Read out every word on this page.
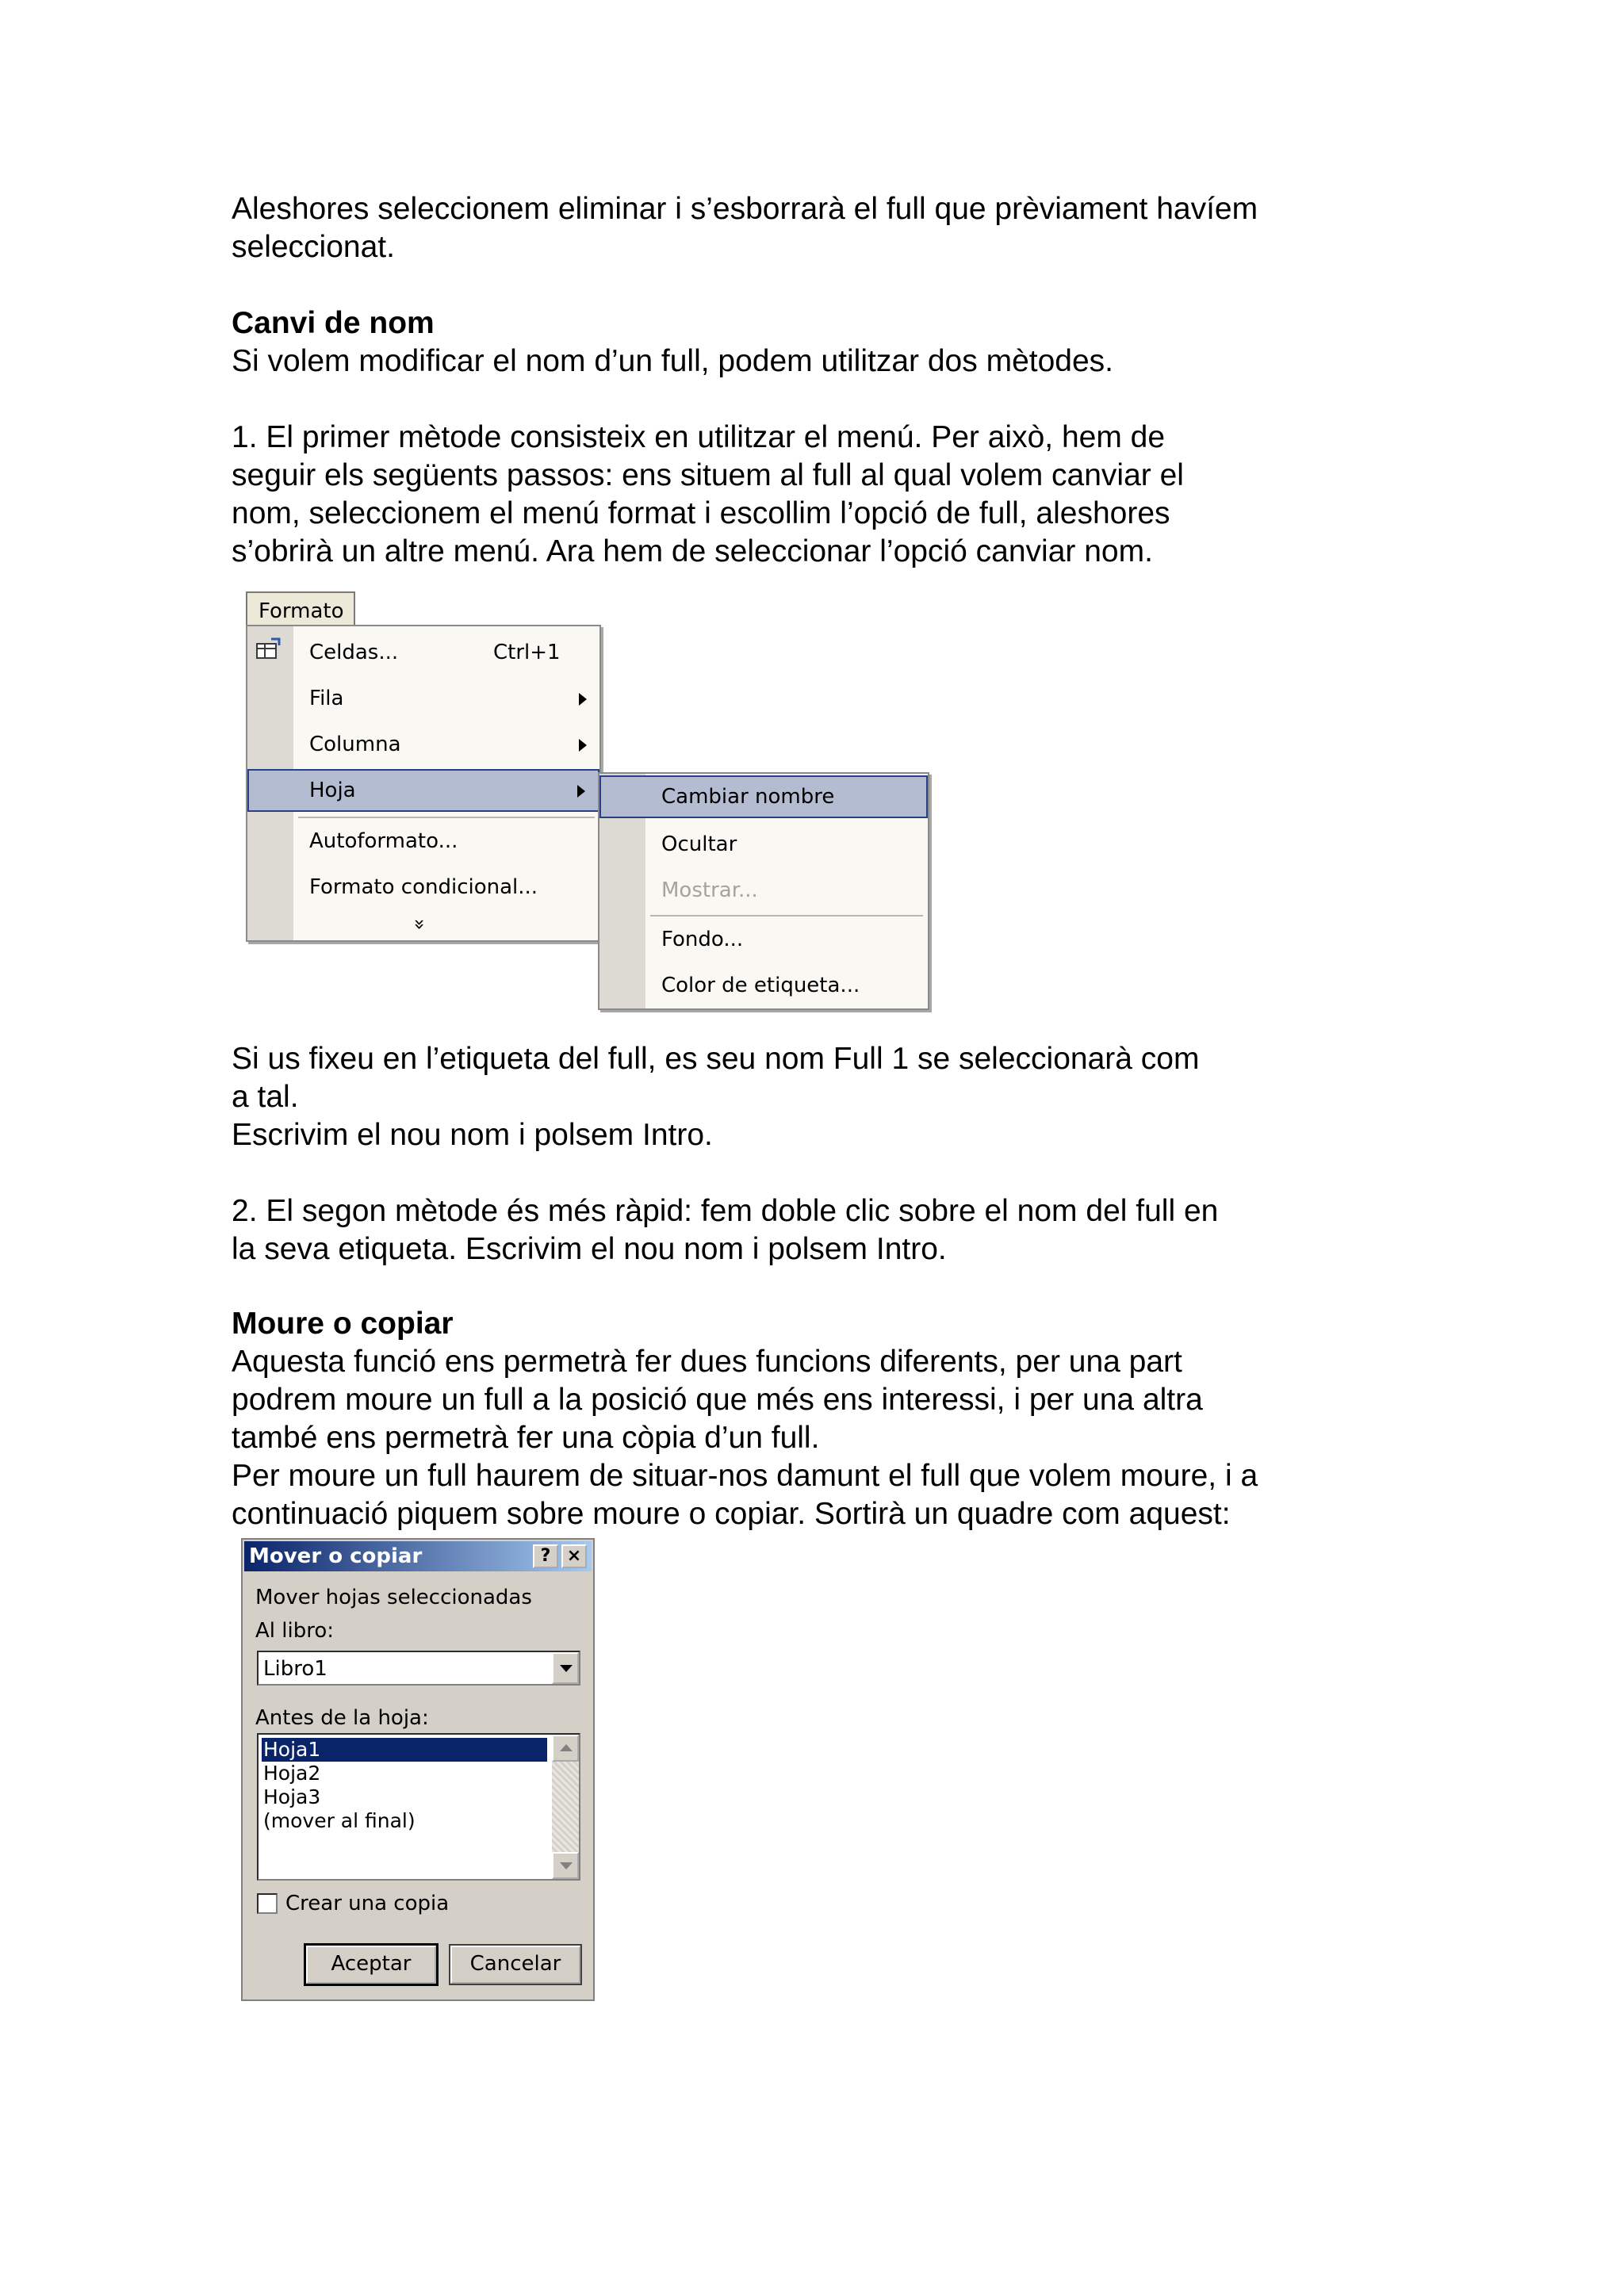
Aleshores seleccionem eliminar i s’esborrarà el full que prèviament havíem
seleccionat.

Canvi de nom

Si volem modificar el nom d’un full, podem utilitzar dos mètodes.

1. El primer mètode consisteix en utilitzar el menú. Per això, hem de
seguir els següents passos: ens situem al full al qual volem canviar el
nom, seleccionem el menú format i escollim l’opció de full, aleshores
s’obrirà un altre menú. Ara hem de seleccionar l’opció canviar nom.

Formato
Celdas...	Ctrl+1
Fila
Columna
Hoja
Autoformato...
Formato condicional...
»
Cambiar nombre
Ocultar
Mostrar...
Fondo...
Color de etiqueta...

Si us fixeu en l’etiqueta del full, es seu nom Full 1 se seleccionarà com
a tal.
Escrivim el nou nom i polsem Intro.

2. El segon mètode és més ràpid: fem doble clic sobre el nom del full en
la seva etiqueta. Escrivim el nou nom i polsem Intro.

Moure o copiar

Aquesta funció ens permetrà fer dues funcions diferents, per una part
podrem moure un full a la posició que més ens interessi, i per una altra
també ens permetrà fer una còpia d’un full.
Per moure un full haurem de situar-nos damunt el full que volem moure, i a
continuació piquem sobre moure o copiar. Sortirà un quadre com aquest:

Mover o copiar	? ×
Mover hojas seleccionadas
Al libro:
Libro1
Antes de la hoja:
Hoja1
Hoja2
Hoja3
(mover al final)
Crear una copia
Aceptar	Cancelar
